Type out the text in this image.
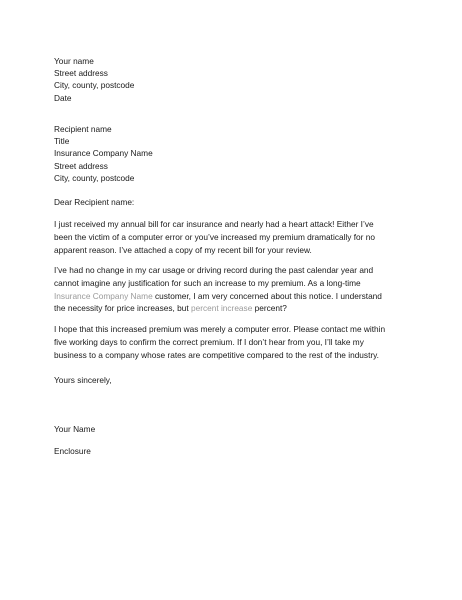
Your name
Street address
City, county, postcode
Date
Recipient name
Title
Insurance Company Name
Street address
City, county, postcode
Dear Recipient name:

I just received my annual bill for car insurance and nearly had a heart attack! Either I’ve
been the victim of a computer error or you’ve increased my premium dramatically for no
apparent reason. I’ve attached a copy of my recent bill for your review.

I’ve had no change in my car usage or driving record during the past calendar year and
cannot imagine any justification for such an increase to my premium. As a long-time
Insurance Company Name customer, I am very concerned about this notice. I understand
the necessity for price increases, but percent increase percent?

I hope that this increased premium was merely a computer error. Please contact me within
five working days to confirm the correct premium. If I don’t hear from you, I’ll take my
business to a company whose rates are competitive compared to the rest of the industry.

Yours sincerely,
Your Name
Enclosure
